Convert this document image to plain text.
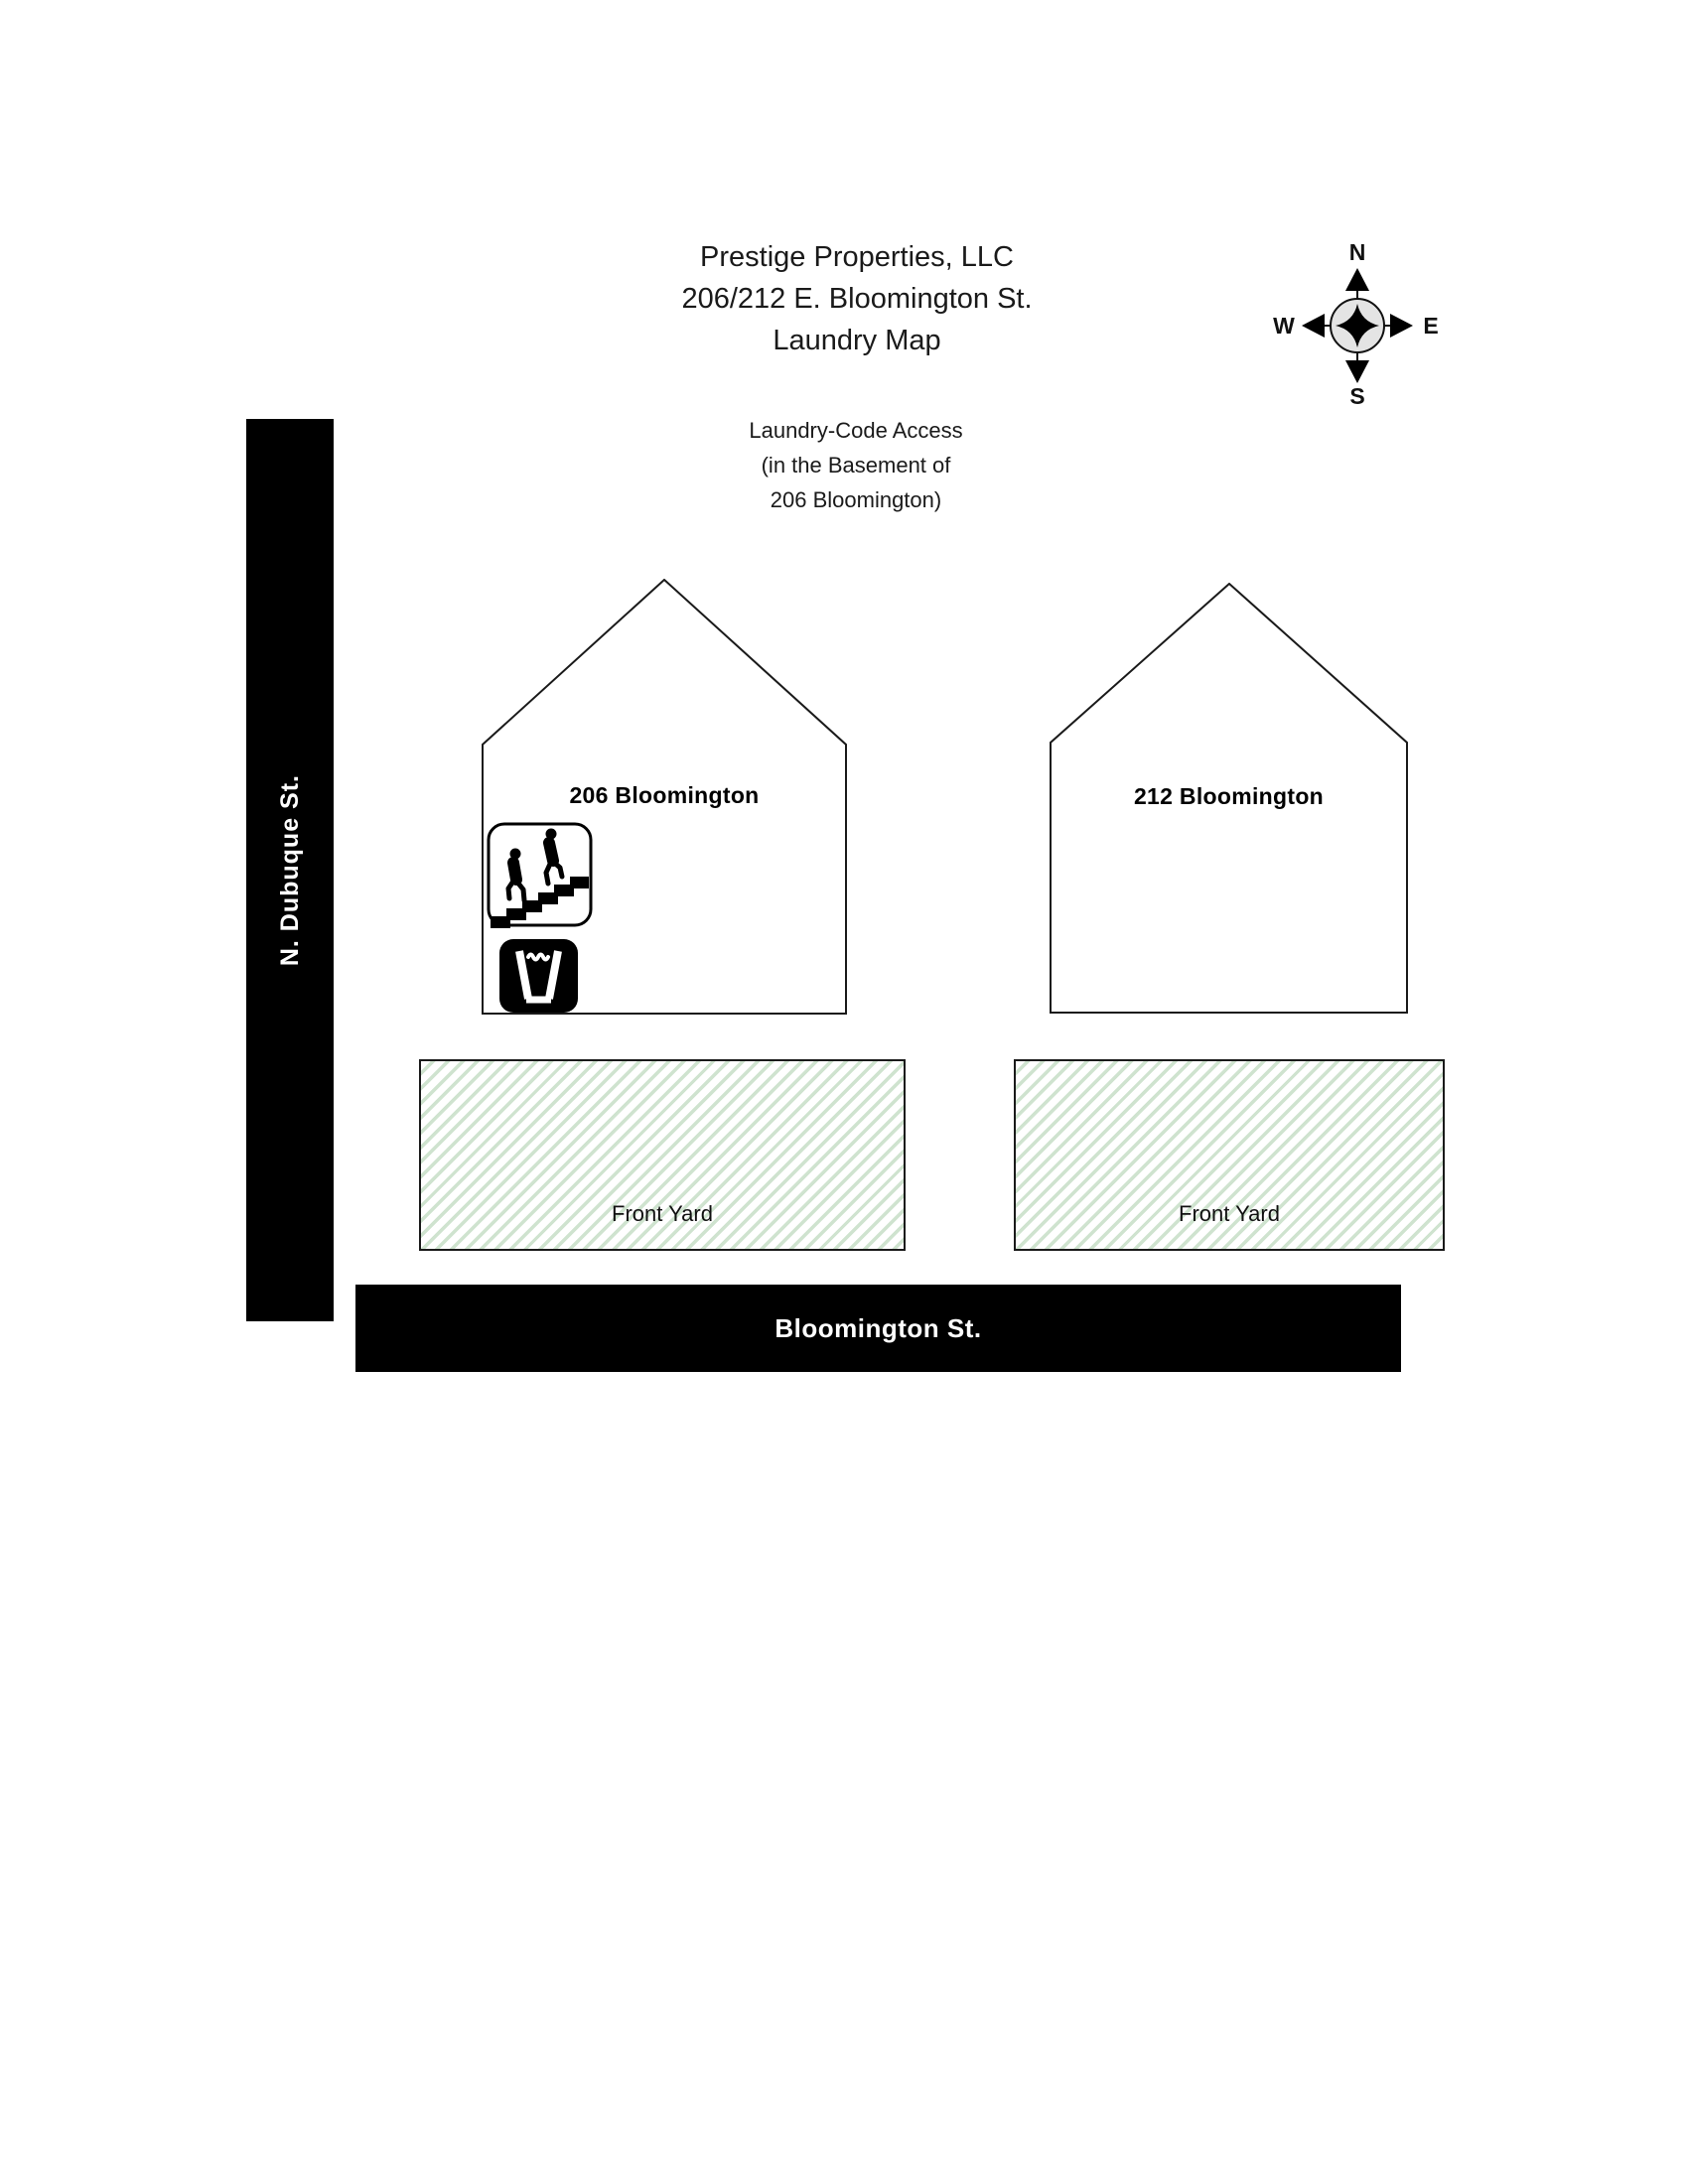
Prestige Properties, LLC
206/212 E. Bloomington St.
Laundry Map
N
S
W	E
Laundry-Code Access
(in the Basement of
206 Bloomington)
N. Dubuque St.	206 Bloomington	212 Bloomington
Front Yard	Front Yard
Bloomington St.
